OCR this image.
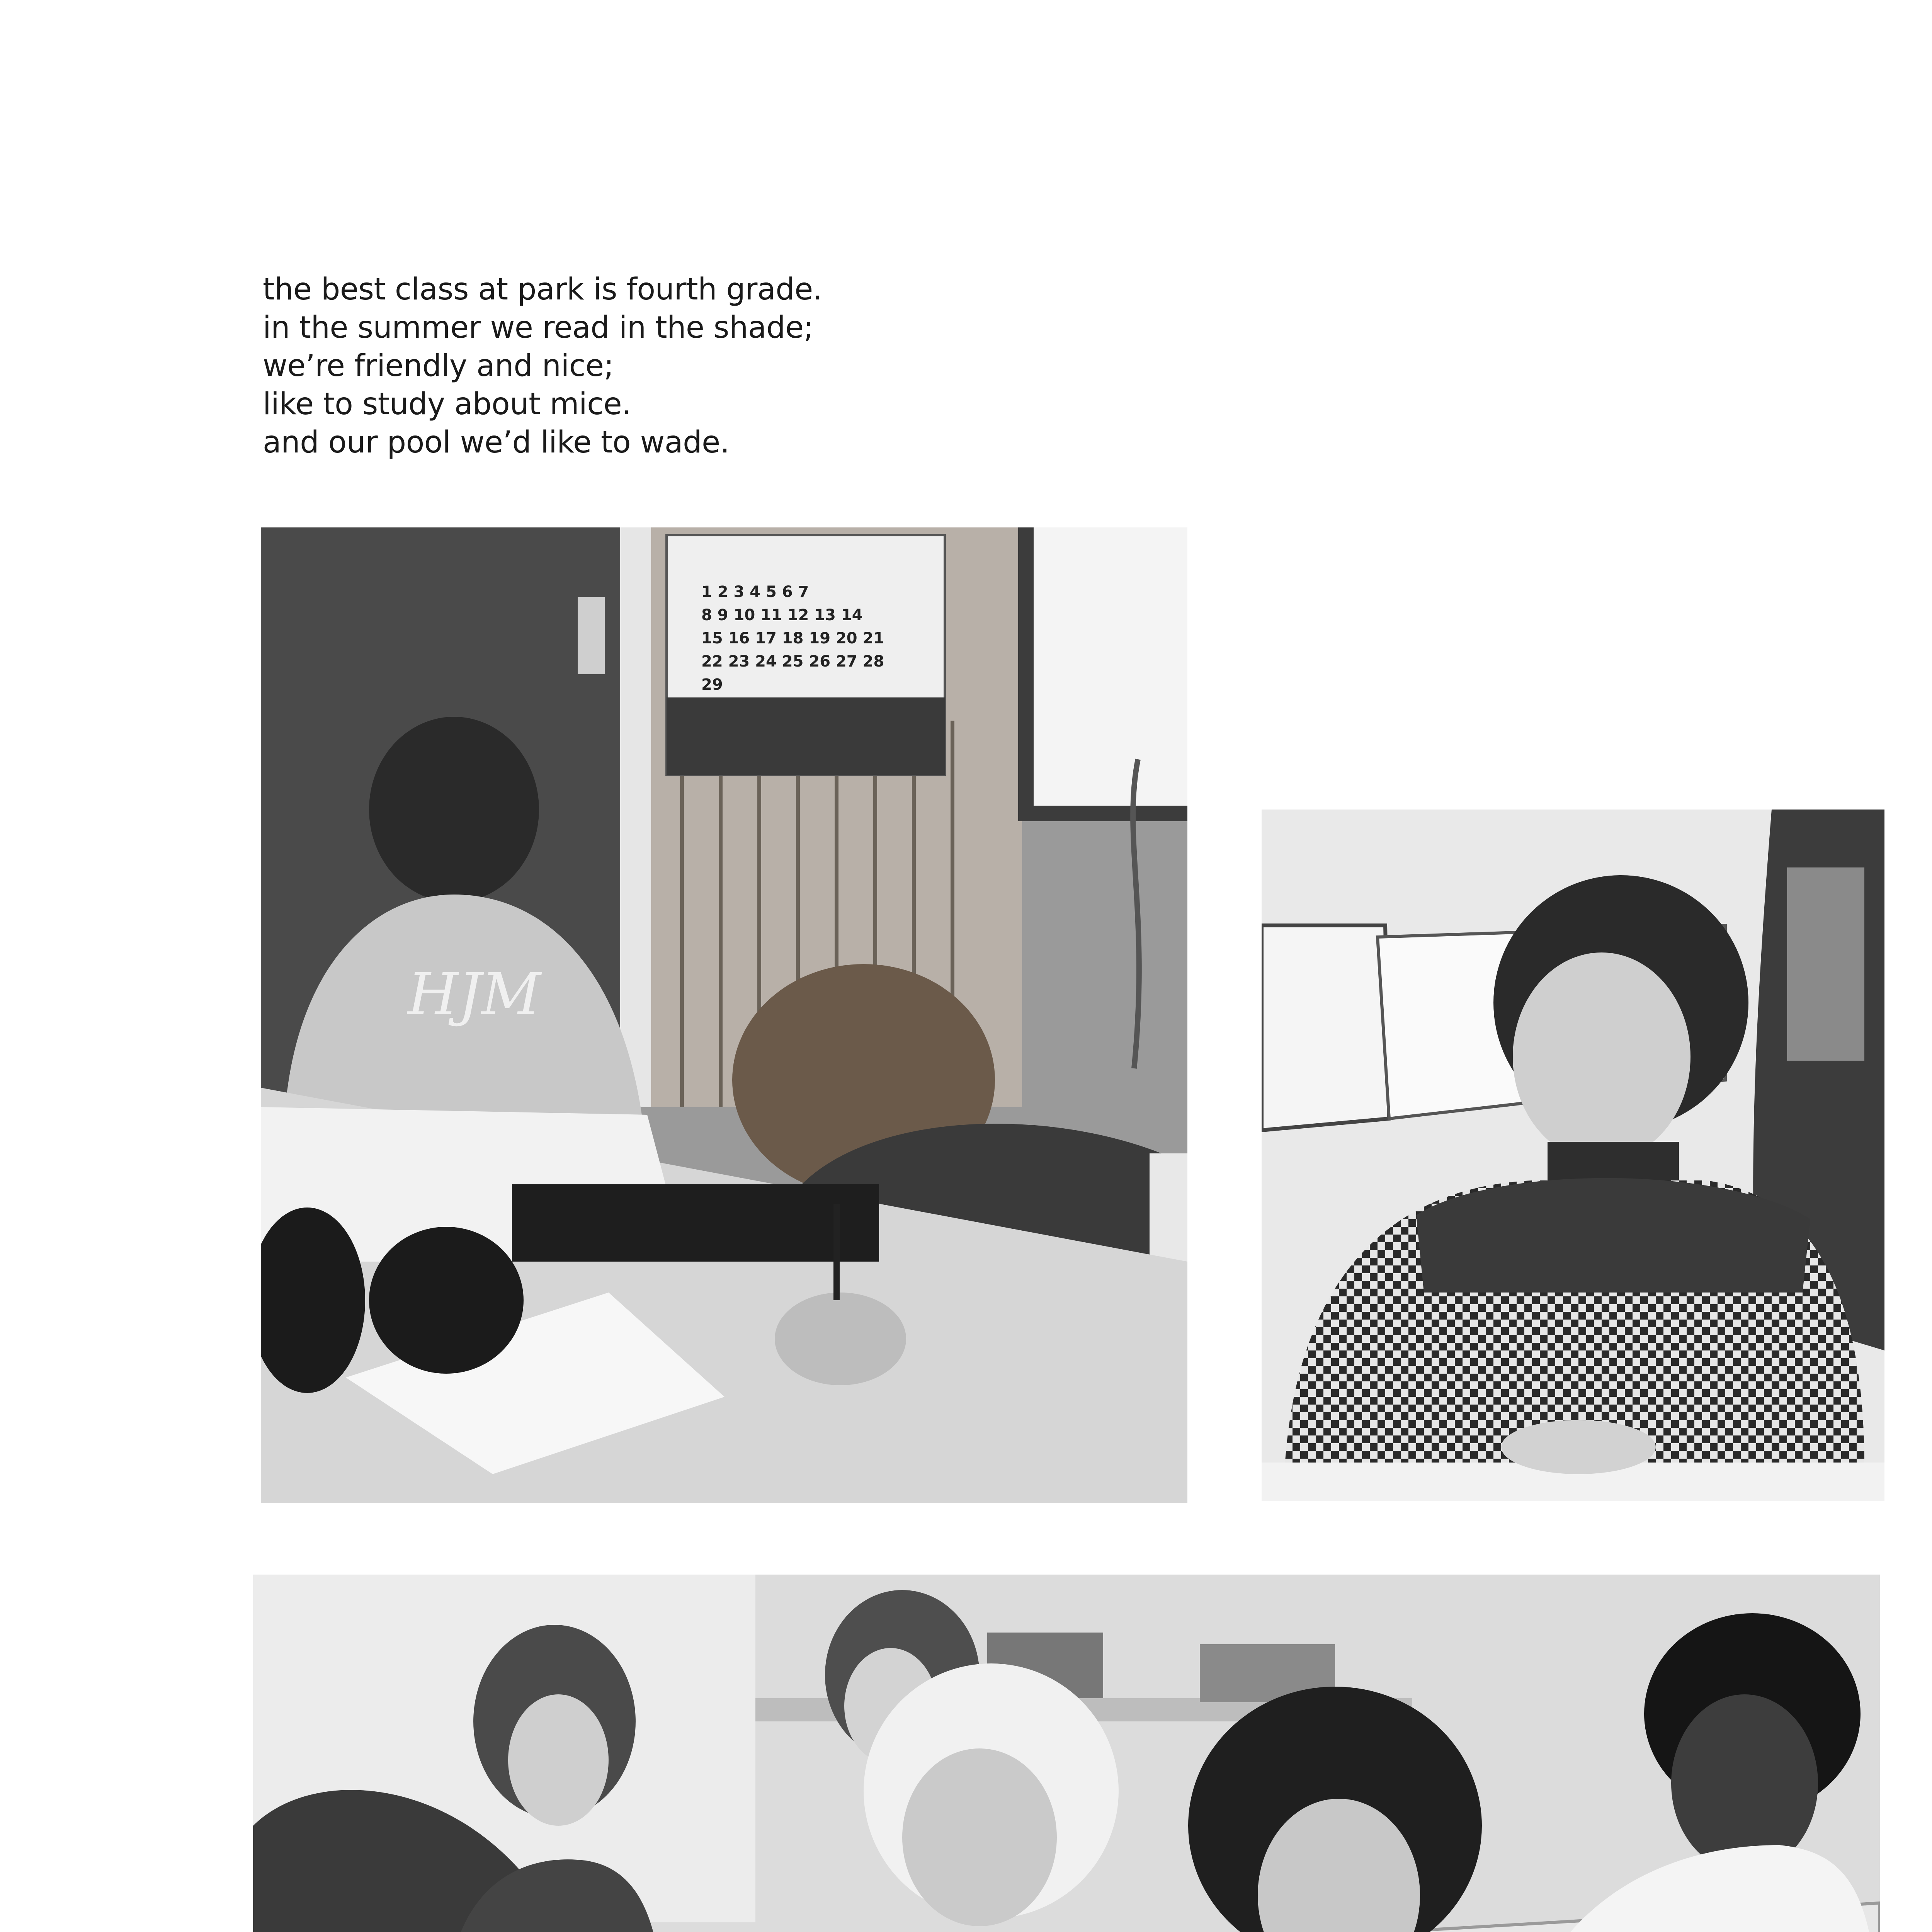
the best class at park is fourth grade.
in the summer we read in the shade;
we’re friendly and nice;
like to study about mice.
and our pool we’d like to wade.
1 2 3 4 5 6 7
8 9 10 11 12 13 14
15 16 17 18 19 20 21
22 23 24 25 26 27 28
29
HJM
